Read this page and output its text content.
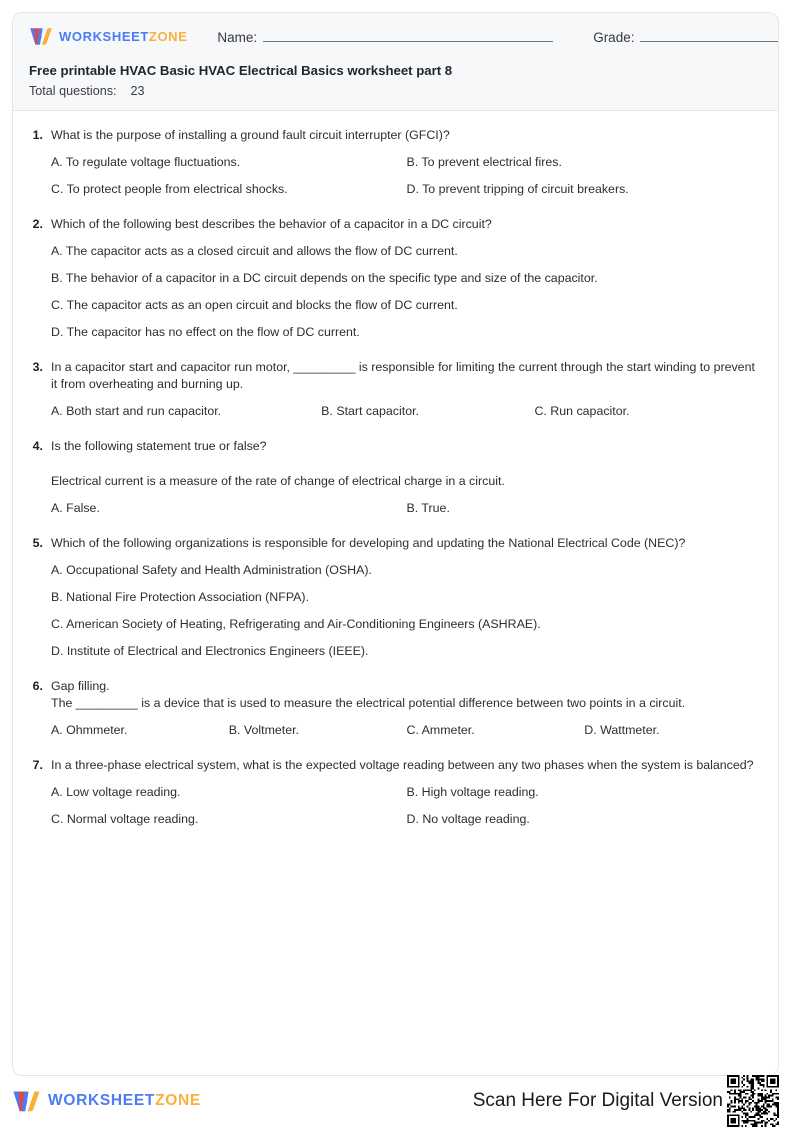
WORKSHEETZONE Name:	Grade:
Free printable HVAC Basic HVAC Electrical Basics worksheet part 8
Total questions: 23
1. What is the purpose of installing a ground fault circuit interrupter (GFCI)?
A. To regulate voltage fluctuations.	B. To prevent electrical fires.
C. To protect people from electrical shocks.	D. To prevent tripping of circuit breakers.
2. Which of the following best describes the behavior of a capacitor in a DC circuit?
A. The capacitor acts as a closed circuit and allows the flow of DC current.
B. The behavior of a capacitor in a DC circuit depends on the specific type and size of the capacitor.
C. The capacitor acts as an open circuit and blocks the flow of DC current.
D. The capacitor has no effect on the flow of DC current.
3. In a capacitor start and capacitor run motor, _________ is responsible for limiting the current through the start winding to prevent it from overheating and burning up.
A. Both start and run capacitor.	B. Start capacitor.	C. Run capacitor.
4. Is the following statement true or false?
Electrical current is a measure of the rate of change of electrical charge in a circuit.
A. False.	B. True.
5. Which of the following organizations is responsible for developing and updating the National Electrical Code (NEC)?
A. Occupational Safety and Health Administration (OSHA).
B. National Fire Protection Association (NFPA).
C. American Society of Heating, Refrigerating and Air-Conditioning Engineers (ASHRAE).
D. Institute of Electrical and Electronics Engineers (IEEE).
6. Gap filling.
The _________ is a device that is used to measure the electrical potential difference between two points in a circuit.
A. Ohmmeter.	B. Voltmeter.	C. Ammeter.	D. Wattmeter.
7. In a three-phase electrical system, what is the expected voltage reading between any two phases when the system is balanced?
A. Low voltage reading.	B. High voltage reading.
C. Normal voltage reading.	D. No voltage reading.
WORKSHEETZONE	Scan Here For Digital Version
